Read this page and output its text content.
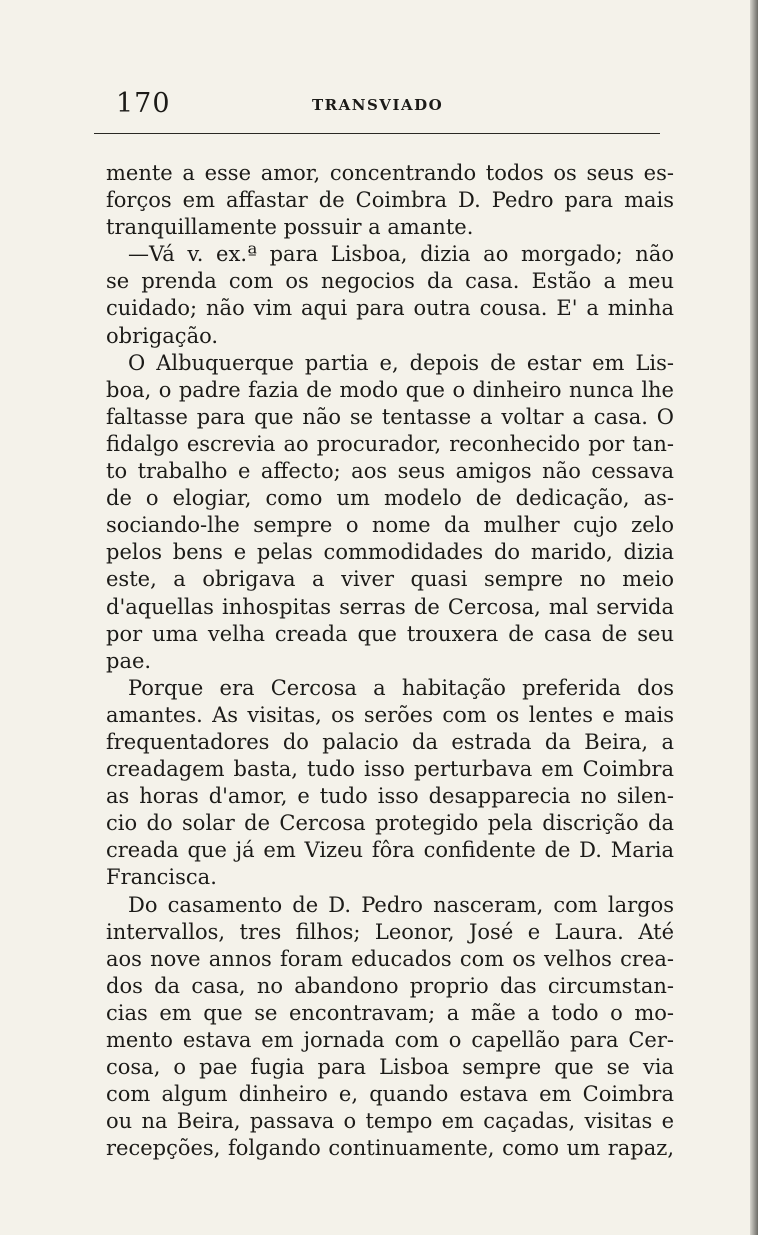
170	TRANSVIADO
mente a esse amor, concentrando todos os seus es-
forços em affastar de Coimbra D. Pedro para mais
tranquillamente possuir a amante.
—Vá v. ex.ª para Lisboa, dizia ao morgado; não
se prenda com os negocios da casa. Estão a meu
cuidado; não vim aqui para outra cousa. E' a minha
obrigação.
O Albuquerque partia e, depois de estar em Lis-
boa, o padre fazia de modo que o dinheiro nunca lhe
faltasse para que não se tentasse a voltar a casa. O
fidalgo escrevia ao procurador, reconhecido por tan-
to trabalho e affecto; aos seus amigos não cessava
de o elogiar, como um modelo de dedicação, as-
sociando-lhe sempre o nome da mulher cujo zelo
pelos bens e pelas commodidades do marido, dizia
este, a obrigava a viver quasi sempre no meio
d'aquellas inhospitas serras de Cercosa, mal servida
por uma velha creada que trouxera de casa de seu
pae.
Porque era Cercosa a habitação preferida dos
amantes. As visitas, os serões com os lentes e mais
frequentadores do palacio da estrada da Beira, a
creadagem basta, tudo isso perturbava em Coimbra
as horas d'amor, e tudo isso desapparecia no silen-
cio do solar de Cercosa protegido pela discrição da
creada que já em Vizeu fôra confidente de D. Maria
Francisca.
Do casamento de D. Pedro nasceram, com largos
intervallos, tres filhos; Leonor, José e Laura. Até
aos nove annos foram educados com os velhos crea-
dos da casa, no abandono proprio das circumstan-
cias em que se encontravam; a mãe a todo o mo-
mento estava em jornada com o capellão para Cer-
cosa, o pae fugia para Lisboa sempre que se via
com algum dinheiro e, quando estava em Coimbra
ou na Beira, passava o tempo em caçadas, visitas e
recepções, folgando continuamente, como um rapaz,
